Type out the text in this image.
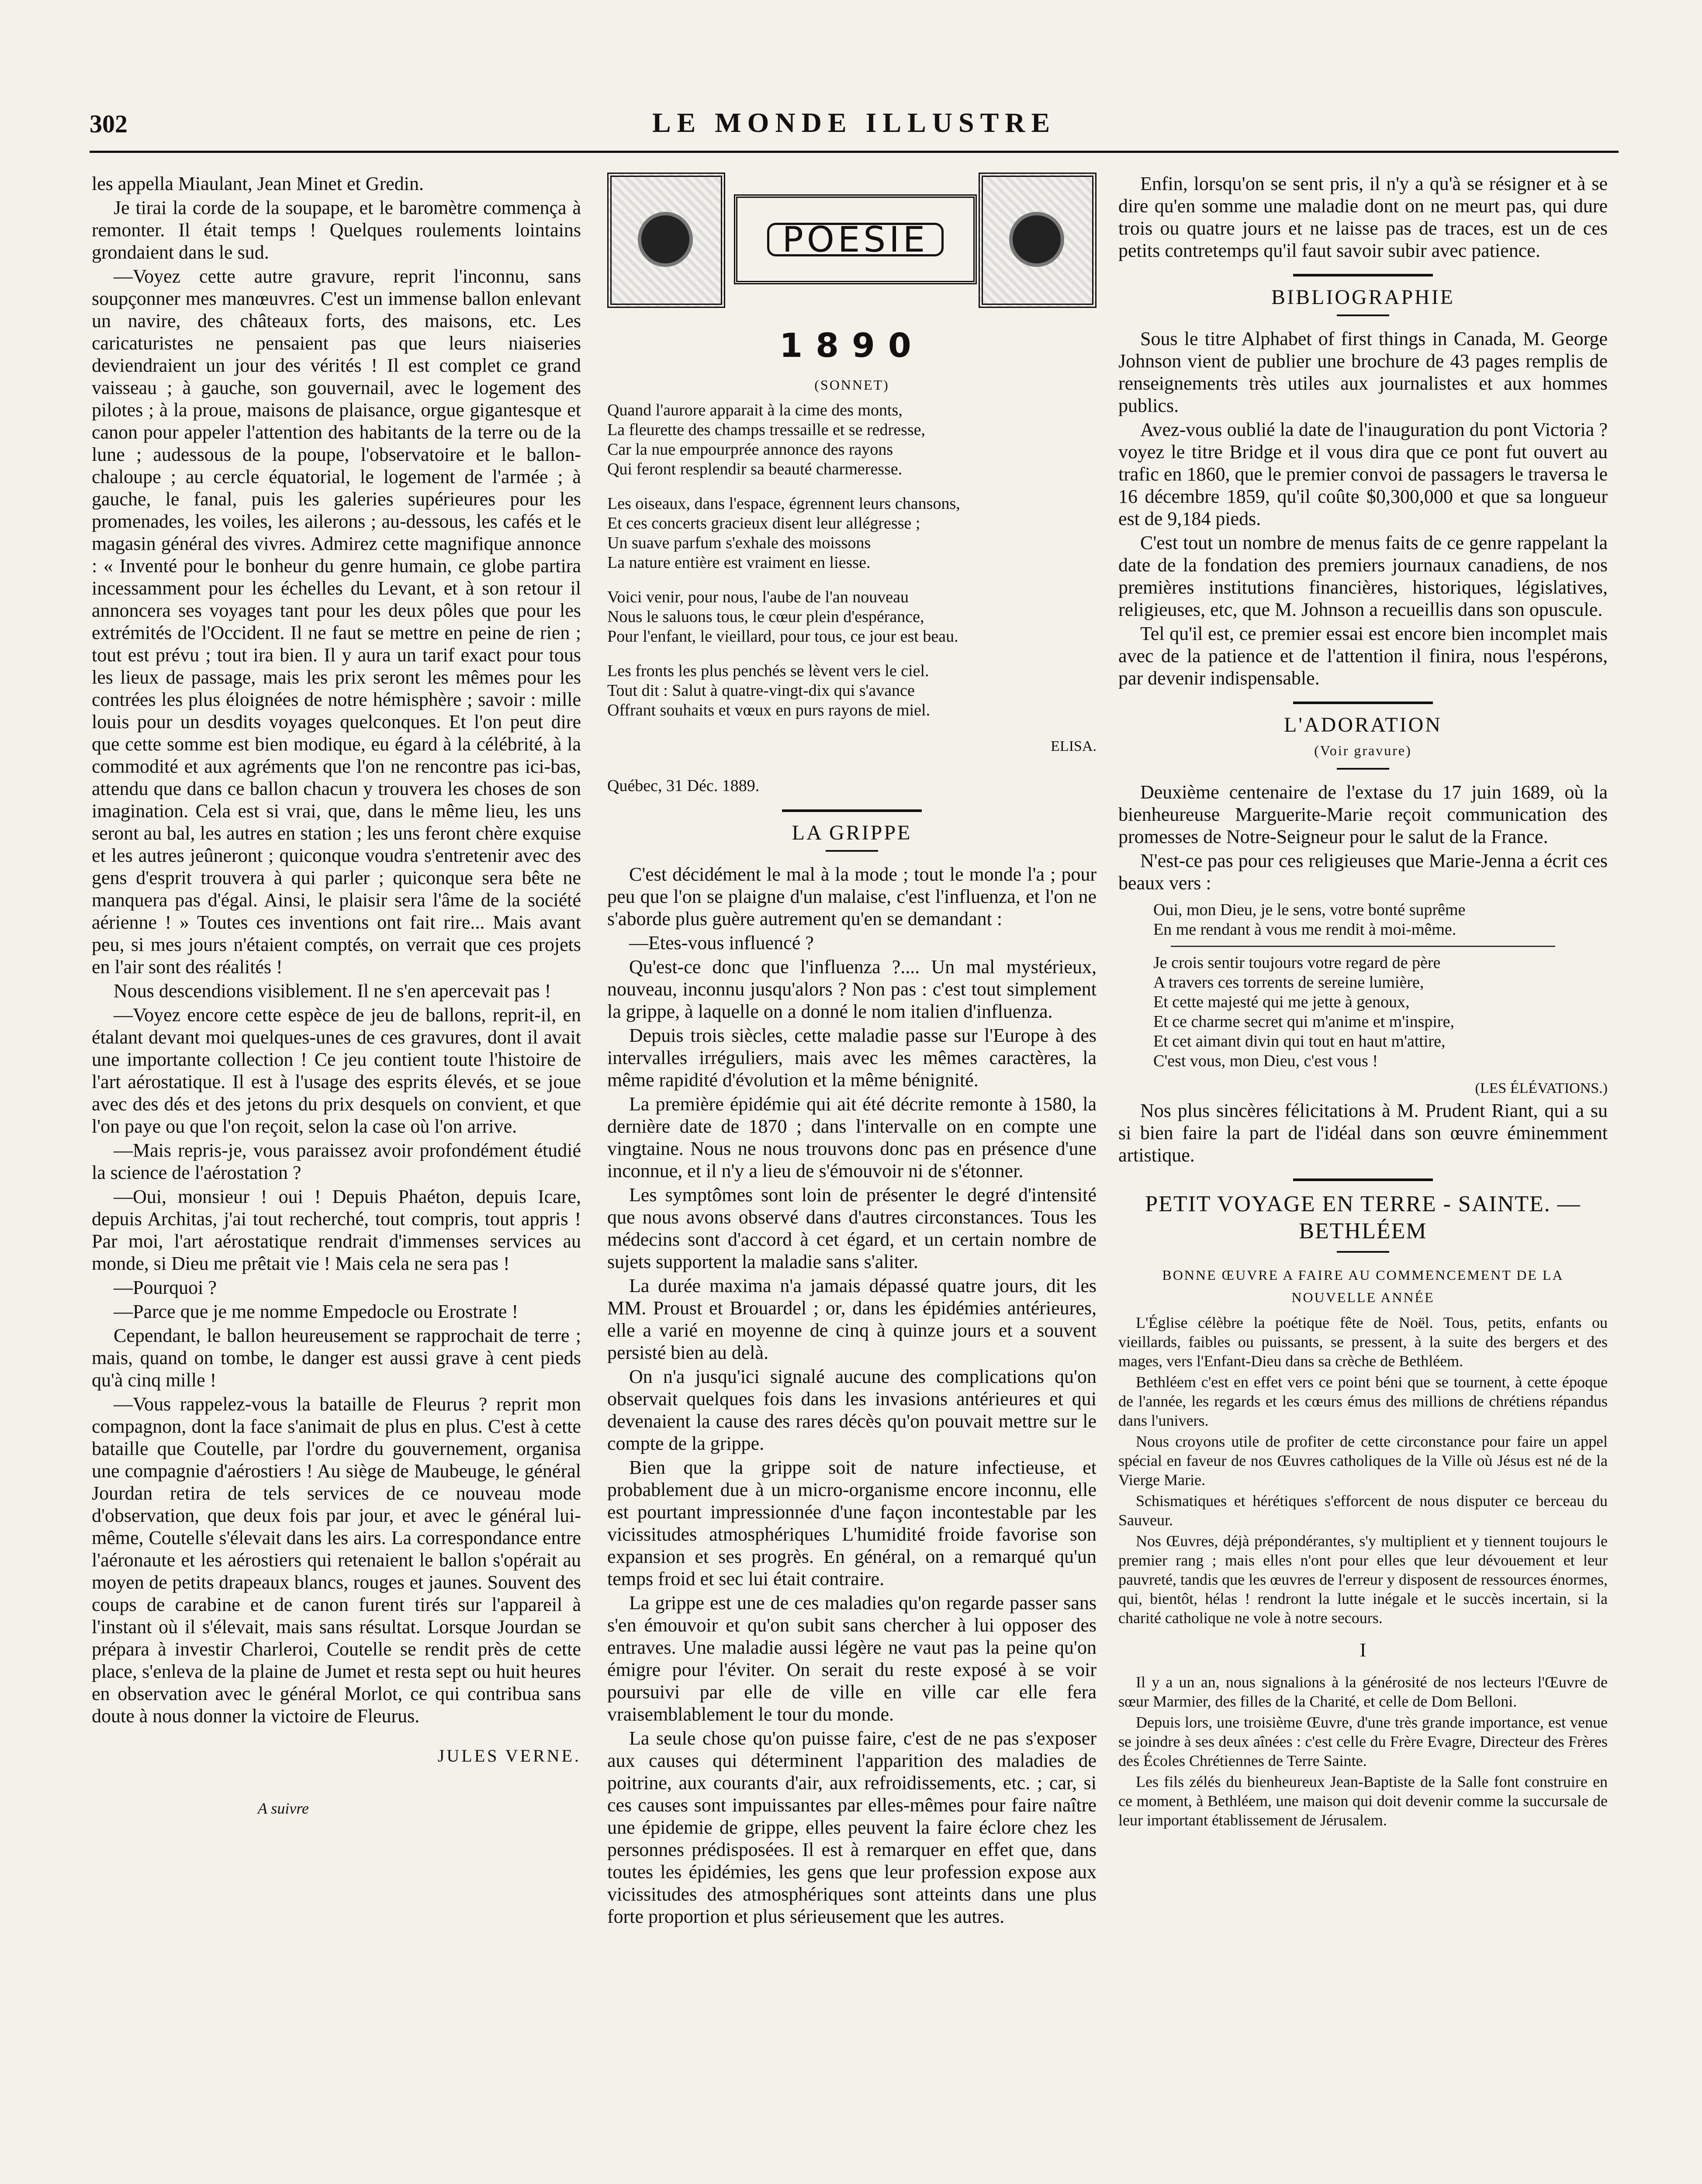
302	LE MONDE ILLUSTRE

les appella Miaulant, Jean Minet et Gredin.

Je tirai la corde de la soupape, et le baromètre commença à remonter. Il était temps ! Quelques roulements lointains grondaient dans le sud.

—Voyez cette autre gravure, reprit l'inconnu, sans soupçonner mes manœuvres. C'est un immense ballon enlevant un navire, des châteaux forts, des maisons, etc. Les caricaturistes ne pensaient pas que leurs niaiseries deviendraient un jour des vérités ! Il est complet ce grand vaisseau ; à gauche, son gouvernail, avec le logement des pilotes ; à la proue, maisons de plaisance, orgue gigantesque et canon pour appeler l'attention des habitants de la terre ou de la lune ; audessous de la poupe, l'observatoire et le ballon-chaloupe ; au cercle équatorial, le logement de l'armée ; à gauche, le fanal, puis les galeries supérieures pour les promenades, les voiles, les ailerons ; au-dessous, les cafés et le magasin général des vivres. Admirez cette magnifique annonce : « Inventé pour le bonheur du genre humain, ce globe partira incessamment pour les échelles du Levant, et à son retour il annoncera ses voyages tant pour les deux pôles que pour les extrémités de l'Occident. Il ne faut se mettre en peine de rien ; tout est prévu ; tout ira bien. Il y aura un tarif exact pour tous les lieux de passage, mais les prix seront les mêmes pour les contrées les plus éloignées de notre hémisphère ; savoir : mille louis pour un desdits voyages quelconques. Et l'on peut dire que cette somme est bien modique, eu égard à la célébrité, à la commodité et aux agréments que l'on ne rencontre pas ici-bas, attendu que dans ce ballon chacun y trouvera les choses de son imagination. Cela est si vrai, que, dans le même lieu, les uns seront au bal, les autres en station ; les uns feront chère exquise et les autres jeûneront ; quiconque voudra s'entretenir avec des gens d'esprit trouvera à qui parler ; quiconque sera bête ne manquera pas d'égal. Ainsi, le plaisir sera l'âme de la société aérienne ! » Toutes ces inventions ont fait rire... Mais avant peu, si mes jours n'étaient comptés, on verrait que ces projets en l'air sont des réalités !

Nous descendions visiblement. Il ne s'en apercevait pas !

—Voyez encore cette espèce de jeu de ballons, reprit-il, en étalant devant moi quelques-unes de ces gravures, dont il avait une importante collection ! Ce jeu contient toute l'histoire de l'art aérostatique. Il est à l'usage des esprits élevés, et se joue avec des dés et des jetons du prix desquels on convient, et que l'on paye ou que l'on reçoit, selon la case où l'on arrive.

—Mais repris-je, vous paraissez avoir profondément étudié la science de l'aérostation ?

—Oui, monsieur ! oui ! Depuis Phaéton, depuis Icare, depuis Architas, j'ai tout recherché, tout compris, tout appris ! Par moi, l'art aérostatique rendrait d'immenses services au monde, si Dieu me prêtait vie ! Mais cela ne sera pas !

—Pourquoi ?

—Parce que je me nomme Empedocle ou Erostrate !

Cependant, le ballon heureusement se rapprochait de terre ; mais, quand on tombe, le danger est aussi grave à cent pieds qu'à cinq mille !

—Vous rappelez-vous la bataille de Fleurus ? reprit mon compagnon, dont la face s'animait de plus en plus. C'est à cette bataille que Coutelle, par l'ordre du gouvernement, organisa une compagnie d'aérostiers ! Au siège de Maubeuge, le général Jourdan retira de tels services de ce nouveau mode d'observation, que deux fois par jour, et avec le général lui-même, Coutelle s'élevait dans les airs. La correspondance entre l'aéronaute et les aérostiers qui retenaient le ballon s'opérait au moyen de petits drapeaux blancs, rouges et jaunes. Souvent des coups de carabine et de canon furent tirés sur l'appareil à l'instant où il s'élevait, mais sans résultat. Lorsque Jourdan se prépara à investir Charleroi, Coutelle se rendit près de cette place, s'enleva de la plaine de Jumet et resta sept ou huit heures en observation avec le général Morlot, ce qui contribua sans doute à nous donner la victoire de Fleurus.

JULES VERNE.
A suivre
POESIE
1890
(SONNET)
Quand l'aurore apparait à la cime des monts,
La fleurette des champs tressaille et se redresse,
Car la nue empourprée annonce des rayons
Qui feront resplendir sa beauté charmeresse.
Les oiseaux, dans l'espace, égrennent leurs chansons,
Et ces concerts gracieux disent leur allégresse ;
Un suave parfum s'exhale des moissons
La nature entière est vraiment en liesse.
Voici venir, pour nous, l'aube de l'an nouveau
Nous le saluons tous, le cœur plein d'espérance,
Pour l'enfant, le vieillard, pour tous, ce jour est beau.
Les fronts les plus penchés se lèvent vers le ciel.
Tout dit : Salut à quatre-vingt-dix qui s'avance
Offrant souhaits et vœux en purs rayons de miel.
ELISA.
Québec, 31 Déc. 1889.
LA GRIPPE

C'est décidément le mal à la mode ; tout le monde l'a ; pour peu que l'on se plaigne d'un malaise, c'est l'influenza, et l'on ne s'aborde plus guère autrement qu'en se demandant :

—Etes-vous influencé ?

Qu'est-ce donc que l'influenza ?.... Un mal mystérieux, nouveau, inconnu jusqu'alors ? Non pas : c'est tout simplement la grippe, à laquelle on a donné le nom italien d'influenza.

Depuis trois siècles, cette maladie passe sur l'Europe à des intervalles irréguliers, mais avec les mêmes caractères, la même rapidité d'évolution et la même bénignité.

La première épidémie qui ait été décrite remonte à 1580, la dernière date de 1870 ; dans l'intervalle on en compte une vingtaine. Nous ne nous trouvons donc pas en présence d'une inconnue, et il n'y a lieu de s'émouvoir ni de s'étonner.

Les symptômes sont loin de présenter le degré d'intensité que nous avons observé dans d'autres circonstances. Tous les médecins sont d'accord à cet égard, et un certain nombre de sujets supportent la maladie sans s'aliter.

La durée maxima n'a jamais dépassé quatre jours, dit les MM. Proust et Brouardel ; or, dans les épidémies antérieures, elle a varié en moyenne de cinq à quinze jours et a souvent persisté bien au delà.

On n'a jusqu'ici signalé aucune des complications qu'on observait quelques fois dans les invasions antérieures et qui devenaient la cause des rares décès qu'on pouvait mettre sur le compte de la grippe.

Bien que la grippe soit de nature infectieuse, et probablement due à un micro-organisme encore inconnu, elle est pourtant impressionnée d'une façon incontestable par les vicissitudes atmosphériques L'humidité froide favorise son expansion et ses progrès. En général, on a remarqué qu'un temps froid et sec lui était contraire.

La grippe est une de ces maladies qu'on regarde passer sans s'en émouvoir et qu'on subit sans chercher à lui opposer des entraves. Une maladie aussi légère ne vaut pas la peine qu'on émigre pour l'éviter. On serait du reste exposé à se voir poursuivi par elle de ville en ville car elle fera vraisemblablement le tour du monde.

La seule chose qu'on puisse faire, c'est de ne pas s'exposer aux causes qui déterminent l'apparition des maladies de poitrine, aux courants d'air, aux refroidissements, etc. ; car, si ces causes sont impuissantes par elles-mêmes pour faire naître une épidemie de grippe, elles peuvent la faire éclore chez les personnes prédisposées. Il est à remarquer en effet que, dans toutes les épidémies, les gens que leur profession expose aux vicissitudes des atmosphériques sont atteints dans une plus forte proportion et plus sérieusement que les autres.

Enfin, lorsqu'on se sent pris, il n'y a qu'à se résigner et à se dire qu'en somme une maladie dont on ne meurt pas, qui dure trois ou quatre jours et ne laisse pas de traces, est un de ces petits contretemps qu'il faut savoir subir avec patience.

BIBLIOGRAPHIE

Sous le titre Alphabet of first things in Canada, M. George Johnson vient de publier une brochure de 43 pages remplis de renseignements très utiles aux journalistes et aux hommes publics.

Avez-vous oublié la date de l'inauguration du pont Victoria ? voyez le titre Bridge et il vous dira que ce pont fut ouvert au trafic en 1860, que le premier convoi de passagers le traversa le 16 décembre 1859, qu'il coûte $0,300,000 et que sa longueur est de 9,184 pieds.

C'est tout un nombre de menus faits de ce genre rappelant la date de la fondation des premiers journaux canadiens, de nos premières institutions financières, historiques, législatives, religieuses, etc, que M. Johnson a recueillis dans son opuscule.

Tel qu'il est, ce premier essai est encore bien incomplet mais avec de la patience et de l'attention il finira, nous l'espérons, par devenir indispensable.

L'ADORATION
(Voir gravure)

Deuxième centenaire de l'extase du 17 juin 1689, où la bienheureuse Marguerite-Marie reçoit communication des promesses de Notre-Seigneur pour le salut de la France.

N'est-ce pas pour ces religieuses que Marie-Jenna a écrit ces beaux vers :

Oui, mon Dieu, je le sens, votre bonté suprême
En me rendant à vous me rendit à moi-même.
Je crois sentir toujours votre regard de père
A travers ces torrents de sereine lumière,
Et cette majesté qui me jette à genoux,
Et ce charme secret qui m'anime et m'inspire,
Et cet aimant divin qui tout en haut m'attire,
C'est vous, mon Dieu, c'est vous !
(LES ÉLÉVATIONS.)

Nos plus sincères félicitations à M. Prudent Riant, qui a su si bien faire la part de l'idéal dans son œuvre éminemment artistique.

PETIT VOYAGE EN TERRE - SAINTE. — BETHLÉEM
BONNE ŒUVRE A FAIRE AU COMMENCEMENT DE LA NOUVELLE ANNÉE

L'Église célèbre la poétique fête de Noël. Tous, petits, enfants ou vieillards, faibles ou puissants, se pressent, à la suite des bergers et des mages, vers l'Enfant-Dieu dans sa crèche de Bethléem.

Bethléem c'est en effet vers ce point béni que se tournent, à cette époque de l'année, les regards et les cœurs émus des millions de chrétiens répandus dans l'univers.

Nous croyons utile de profiter de cette circonstance pour faire un appel spécial en faveur de nos Œuvres catholiques de la Ville où Jésus est né de la Vierge Marie.

Schismatiques et hérétiques s'efforcent de nous disputer ce berceau du Sauveur.

Nos Œuvres, déjà prépondérantes, s'y multiplient et y tiennent toujours le premier rang ; mais elles n'ont pour elles que leur dévouement et leur pauvreté, tandis que les œuvres de l'erreur y disposent de ressources énormes, qui, bientôt, hélas ! rendront la lutte inégale et le succès incertain, si la charité catholique ne vole à notre secours.

I

Il y a un an, nous signalions à la générosité de nos lecteurs l'Œuvre de sœur Marmier, des filles de la Charité, et celle de Dom Belloni.

Depuis lors, une troisième Œuvre, d'une très grande importance, est venue se joindre à ses deux aînées : c'est celle du Frère Evagre, Directeur des Frères des Écoles Chrétiennes de Terre Sainte.

Les fils zélés du bienheureux Jean-Baptiste de la Salle font construire en ce moment, à Bethléem, une maison qui doit devenir comme la succursale de leur important établissement de Jérusalem.
